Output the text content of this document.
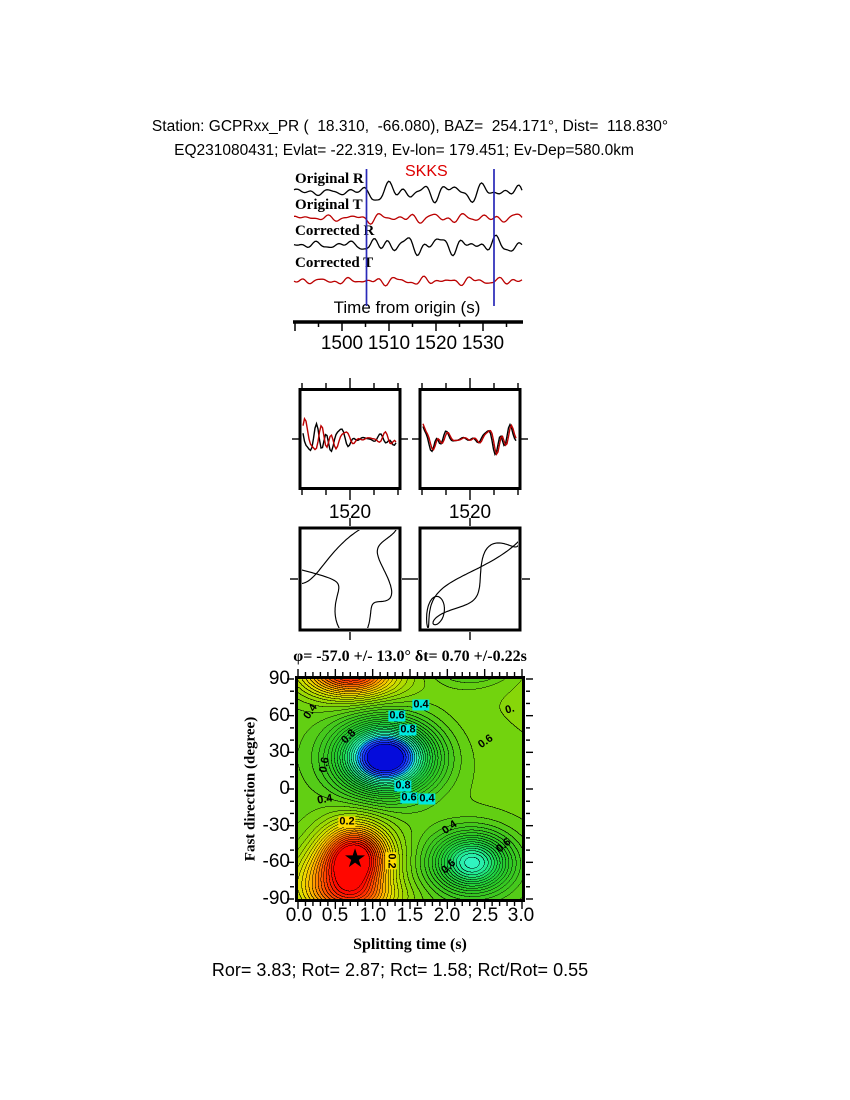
Station: GCPRxx_PR (  18.310,  -66.080), BAZ=  254.171°, Dist=  118.830°
EQ231080431; Evlat= -22.319, Ev-lon= 179.451; Ev-Dep=580.0km
SKKS
Original R
Original T
Corrected R
Corrected T
Time from origin (s)
1500 1510 1520 1530
1520	1520
φ= -57.0 +/- 13.0° δt= 0.70 +/-0.22s
Fast direction (degree)
Splitting time (s)
90
60
30
0
-30
-60
-90
0.0 0.5 1.0 1.5 2.0 2.5 3.0
0.4	0.4
0.6
0.8
0.8
0.6
0.
0.6
0.8
0.6
0.4	0.4
0.2	0.4
0.2
0.6
0.6
★
Ror= 3.83; Rot= 2.87; Rct= 1.58; Rct/Rot= 0.55
